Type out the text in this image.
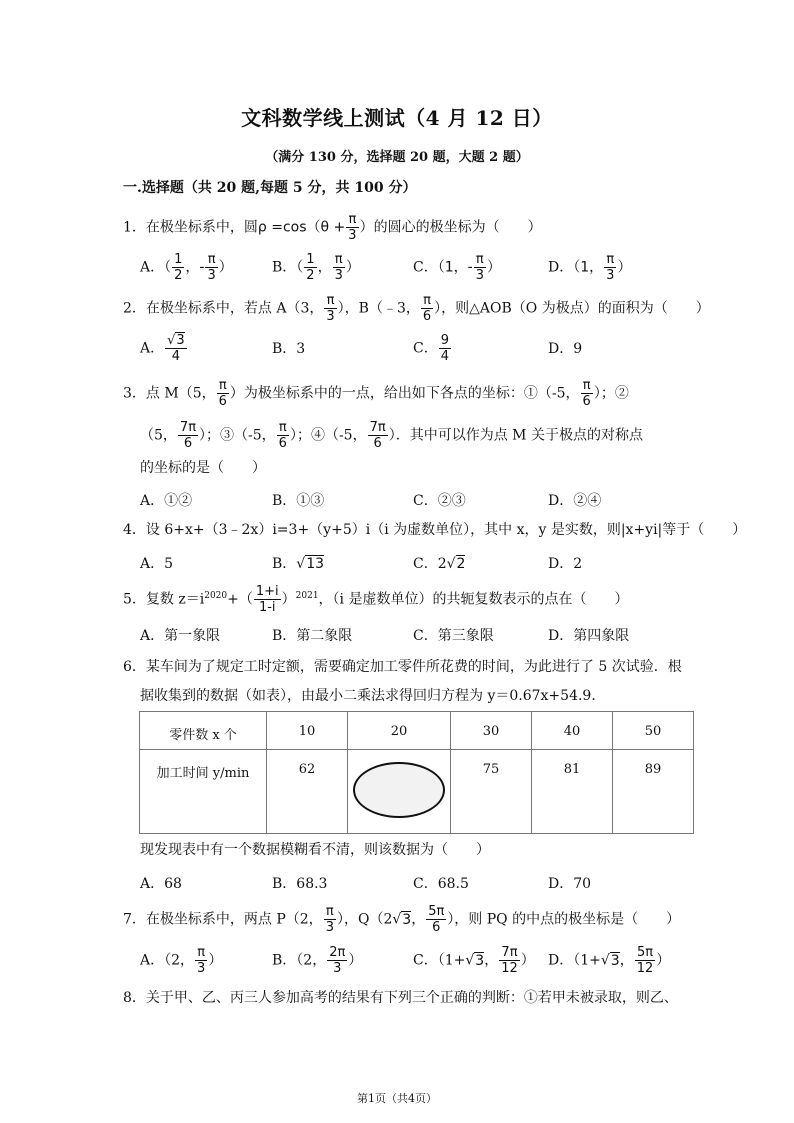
文科数学线上测试（4 月 12 日）
（满分 130 分，选择题 20 题，大题 2 题）
一.选择题（共 20 题,每题 5 分，共 100 分）
1．在极坐标系中，圆$\rho =\cos(\theta + \frac{\pi}{3}$ ）的圆心的极坐标为（　　）
A．（ $\frac{1}{2}$ ，- $\frac{\pi}{3}$ ）	B．（ $\frac{1}{2}$ ， $\frac{\pi}{3}$ ）	C．（1，- $\frac{\pi}{3}$ ）	D．（1， $\frac{\pi}{3}$ ）
2．在极坐标系中，若点 A（3， $\frac{\pi}{3}$ ），B（﹣3， $\frac{\pi}{6}$ ），则△AOB（O 为极点）的面积为（　　）
A． $\frac{√3}{4}$	B．3	C． $\frac{9}{4}$	D．9
3．点 M（5， $\frac{\pi}{6}$ ）为极坐标系中的一点，给出如下各点的坐标：①（-5， $\frac{\pi}{6}$ ）；②
（5， $\frac{7\pi}{6}$ ）；③（-5， $\frac{\pi}{6}$ ）；④（-5， $\frac{7\pi}{6}$ ）．其中可以作为点 M 关于极点的对称点
的坐标的是（　　）
A．①②	B．①③	C．②③	D．②④
4．设 6+x+（3﹣2x）i=3+（y+5）i（i 为虚数单位），其中 x，y 是实数，则|x+yi|等于（　　）
A．5	B．√13	C．2√2	D．2
5．复数 $z=i^{2020}+( \frac{1+i}{1-i} )^{2021}$，（i 是虚数单位）的共轭复数表示的点在（　　）
A．第一象限	B．第二象限	C．第三象限	D．第四象限
6．某车间为了规定工时定额，需要确定加工零件所花费的时间，为此进行了 5 次试验．根
据收集到的数据（如表），由最小二乘法求得回归方程为 y＝0.67x+54.9．
零件数 x 个	10	20	30	40	50
加工时间 y/min	62		75	81	89
现发现表中有一个数据模糊看不清，则该数据为（　　）
A．68	B．68.3	C．68.5	D．70
7．在极坐标系中，两点 P（2， $\frac{\pi}{3}$ ），Q（2√3， $\frac{5\pi}{6}$ ），则 PQ 的中点的极坐标是（　　）
A．（2， $\frac{\pi}{3}$ ）	B．（2， $\frac{2\pi}{3}$ ）	C．（1+√3， $\frac{7\pi}{12}$ ） D．（1+√3， $\frac{5\pi}{12}$ ）
8．关于甲、乙、丙三人参加高考的结果有下列三个正确的判断：①若甲未被录取，则乙、
第1页（共4页）
